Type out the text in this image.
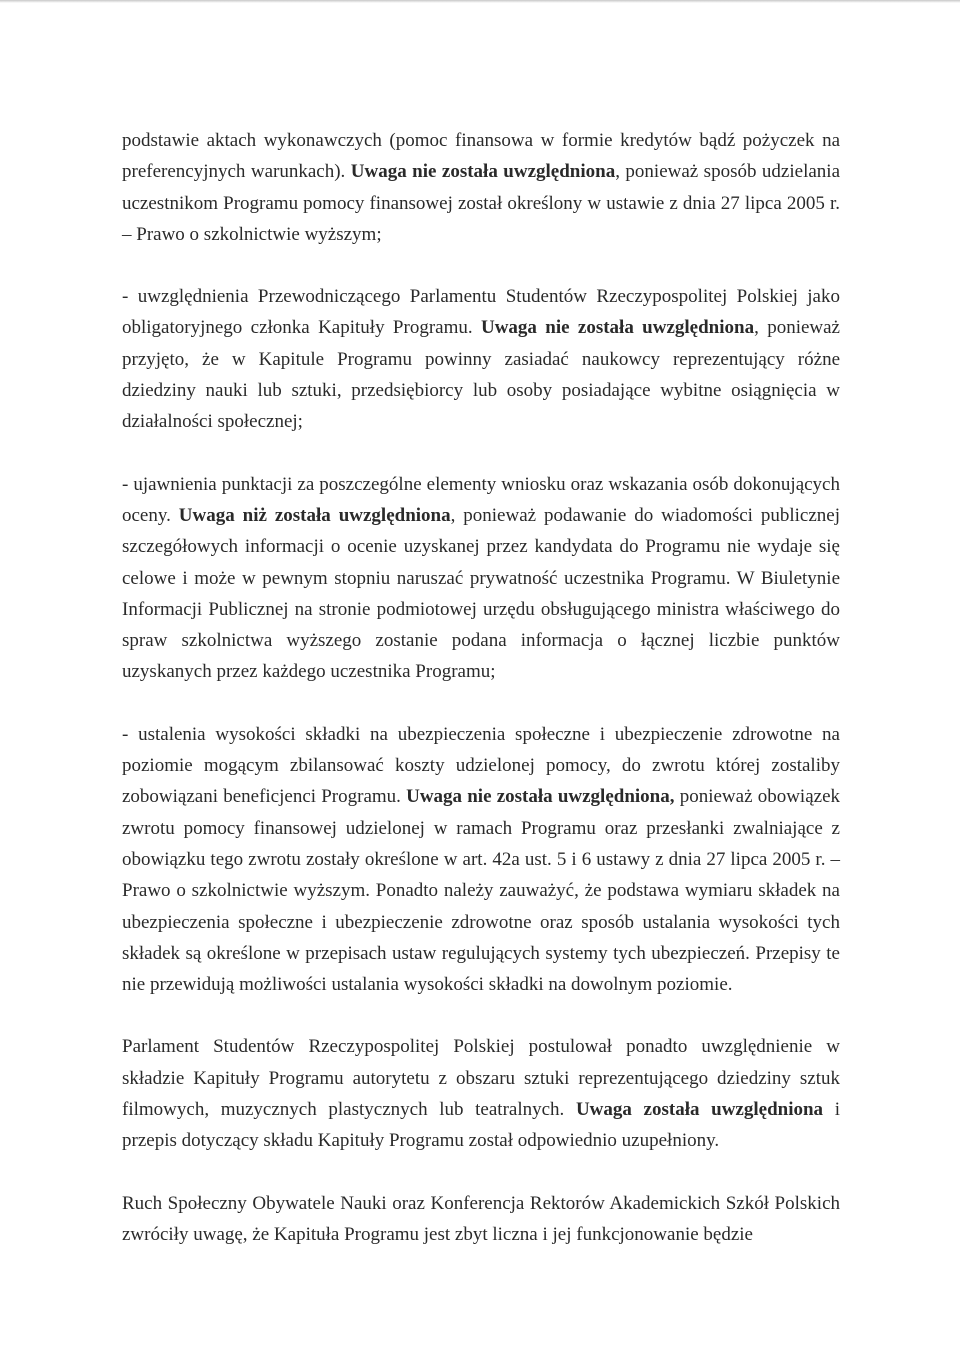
podstawie aktach wykonawczych (pomoc finansowa w formie kredytów bądź pożyczek na preferencyjnych warunkach). Uwaga nie została uwzględniona, ponieważ sposób udzielania uczestnikom Programu pomocy finansowej został określony w ustawie z dnia 27 lipca 2005 r. – Prawo o szkolnictwie wyższym;

- uwzględnienia Przewodniczącego Parlamentu Studentów Rzeczypospolitej Polskiej jako obligatoryjnego członka Kapituły Programu. Uwaga nie została uwzględniona, ponieważ przyjęto, że w Kapitule Programu powinny zasiadać naukowcy reprezentujący różne dziedziny nauki lub sztuki, przedsiębiorcy lub osoby posiadające wybitne osiągnięcia w działalności społecznej;

- ujawnienia punktacji za poszczególne elementy wniosku oraz wskazania osób dokonujących oceny. Uwaga niż została uwzględniona, ponieważ podawanie do wiadomości publicznej szczegółowych informacji o ocenie uzyskanej przez kandydata do Programu nie wydaje się celowe i może w pewnym stopniu naruszać prywatność uczestnika Programu. W Biuletynie Informacji Publicznej na stronie podmiotowej urzędu obsługującego ministra właściwego do spraw szkolnictwa wyższego zostanie podana informacja o łącznej liczbie punktów uzyskanych przez każdego uczestnika Programu;

- ustalenia wysokości składki na ubezpieczenia społeczne i ubezpieczenie zdrowotne na poziomie mogącym zbilansować koszty udzielonej pomocy, do zwrotu której zostaliby zobowiązani beneficjenci Programu. Uwaga nie została uwzględniona, ponieważ obowiązek zwrotu pomocy finansowej udzielonej w ramach Programu oraz przesłanki zwalniające z obowiązku tego zwrotu zostały określone w art. 42a ust. 5 i 6 ustawy z dnia 27 lipca 2005 r. – Prawo o szkolnictwie wyższym. Ponadto należy zauważyć, że podstawa wymiaru składek na ubezpieczenia społeczne i ubezpieczenie zdrowotne oraz sposób ustalania wysokości tych składek są określone w przepisach ustaw regulujących systemy tych ubezpieczeń. Przepisy te nie przewidują możliwości ustalania wysokości składki na dowolnym poziomie.

Parlament Studentów Rzeczypospolitej Polskiej postulował ponadto uwzględnienie w składzie Kapituły Programu autorytetu z obszaru sztuki reprezentującego dziedziny sztuk filmowych, muzycznych plastycznych lub teatralnych. Uwaga została uwzględniona i przepis dotyczący składu Kapituły Programu został odpowiednio uzupełniony.

Ruch Społeczny Obywatele Nauki oraz Konferencja Rektorów Akademickich Szkół Polskich zwróciły uwagę, że Kapituła Programu jest zbyt liczna i jej funkcjonowanie będzie
